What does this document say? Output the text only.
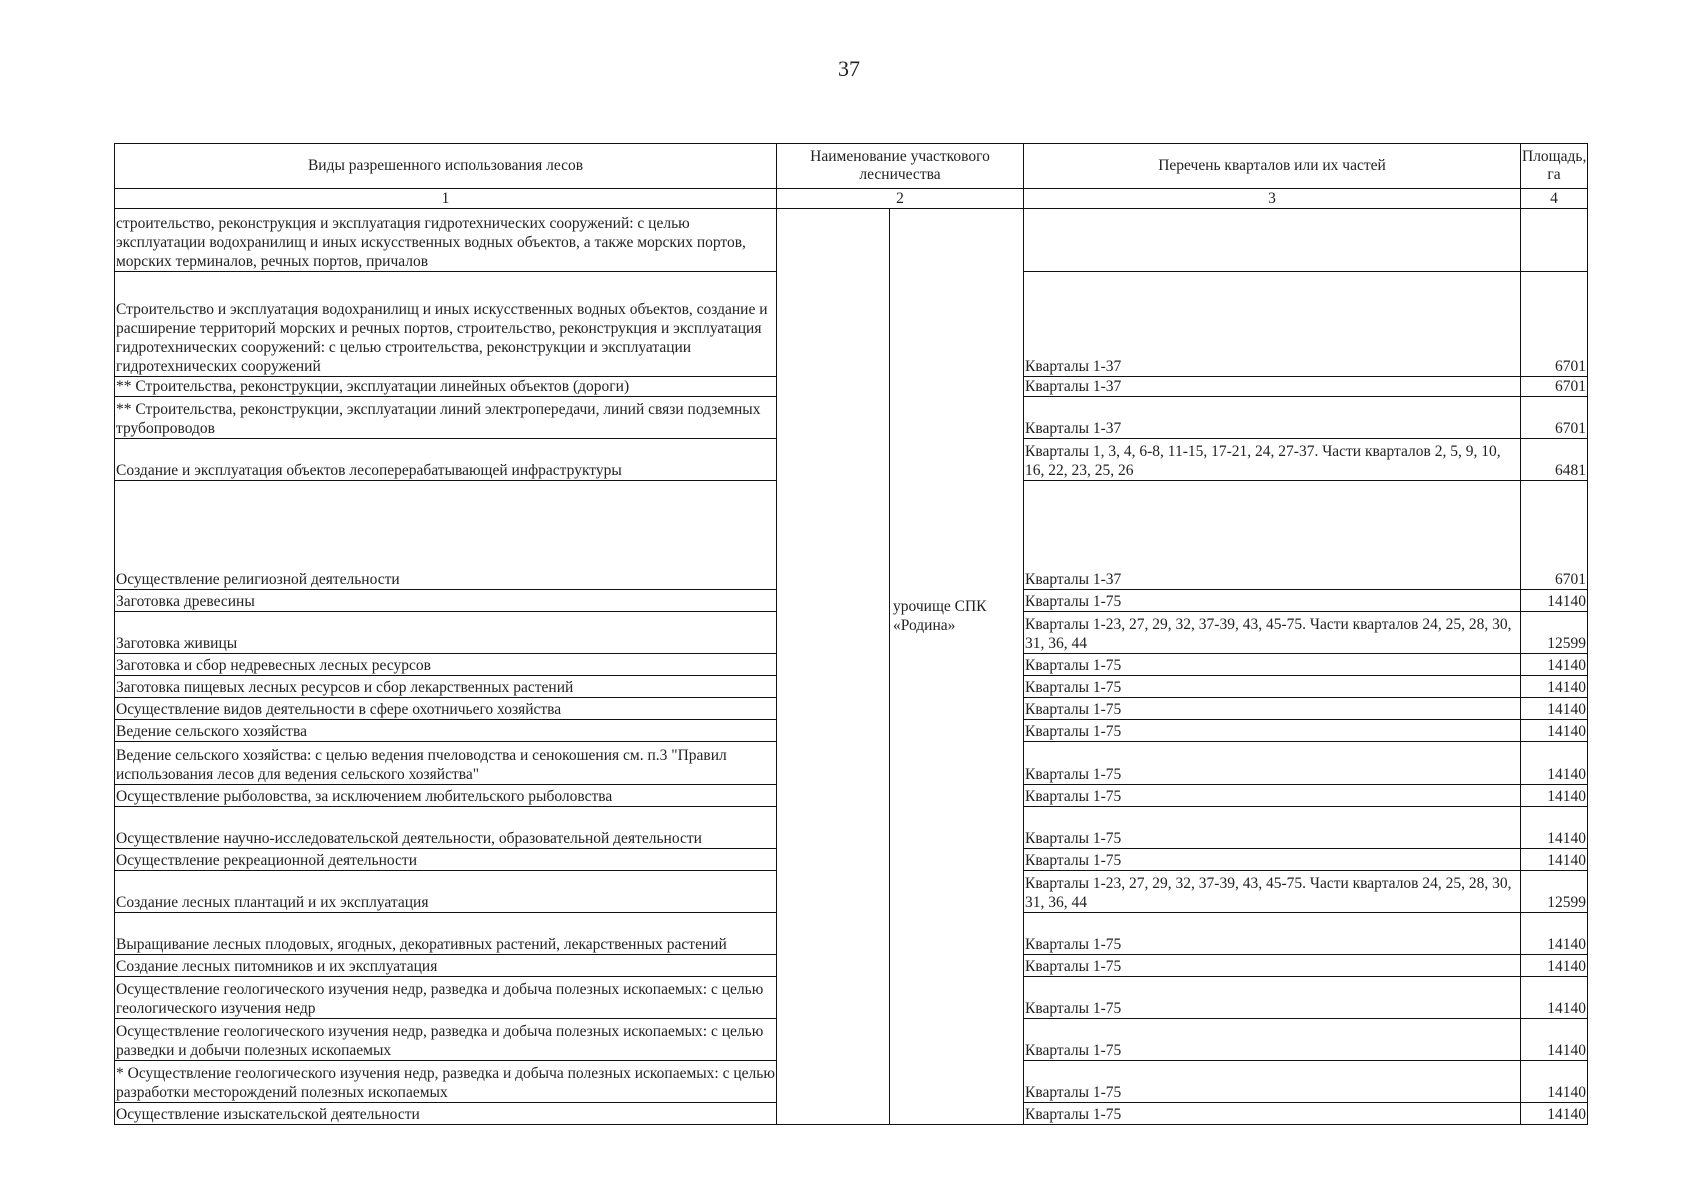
37
Виды разрешенного использования лесов	Наименование участкового лесничества		Перечень кварталов или их частей	Площадь, га
1	2		3	4
строительство, реконструкция и эксплуатация гидротехнических сооружений: с целью эксплуатации водохранилищ и иных искусственных водных объектов, а также морских портов, морских терминалов, речных портов, причалов		урочище СПК «Родина»		

Строительство и эксплуатация водохранилищ и иных искусственных водных объектов, создание и расширение территорий морских и речных портов, строительство, реконструкция и эксплуатация гидротехнических сооружений: с целью строительства, реконструкции и эксплуатации гидротехнических сооружений			Кварталы 1-37	6701
** Строительства, реконструкции, эксплуатации линейных объектов (дороги)			Кварталы 1-37	6701
** Строительства, реконструкции, эксплуатации линий электропередачи, линий связи подземных трубопроводов			Кварталы 1-37	6701
Создание и эксплуатация объектов лесоперерабатывающей инфраструктуры			Кварталы 1, 3, 4, 6-8, 11-15, 17-21, 24, 27-37. Части кварталов 2, 5, 9, 10, 16, 22, 23, 25, 26	6481
Осуществление религиозной деятельности			Кварталы 1-37	6701
Заготовка древесины			Кварталы 1-75	14140
Заготовка живицы			Кварталы 1-23, 27, 29, 32, 37-39, 43, 45-75. Части кварталов 24, 25, 28, 30, 31, 36, 44	12599
Заготовка и сбор недревесных лесных ресурсов			Кварталы 1-75	14140
Заготовка пищевых лесных ресурсов и сбор лекарственных растений			Кварталы 1-75	14140
Осуществление видов деятельности в сфере охотничьего хозяйства			Кварталы 1-75	14140
Ведение сельского хозяйства			Кварталы 1-75	14140
Ведение сельского хозяйства: с целью ведения пчеловодства и сенокошения см. п.3 "Правил использования лесов для ведения сельского хозяйства"			Кварталы 1-75	14140
Осуществление рыболовства, за исключением любительского рыболовства			Кварталы 1-75	14140
Осуществление научно-исследовательской деятельности, образовательной деятельности			Кварталы 1-75	14140
Осуществление рекреационной деятельности			Кварталы 1-75	14140
Создание лесных плантаций и их эксплуатация			Кварталы 1-23, 27, 29, 32, 37-39, 43, 45-75. Части кварталов 24, 25, 28, 30, 31, 36, 44	12599
Выращивание лесных плодовых, ягодных, декоративных растений, лекарственных растений			Кварталы 1-75	14140
Создание лесных питомников и их эксплуатация			Кварталы 1-75	14140
Осуществление геологического изучения недр, разведка и добыча полезных ископаемых: с целью геологического изучения недр			Кварталы 1-75	14140
Осуществление геологического изучения недр, разведка и добыча полезных ископаемых: с целью разведки и добычи полезных ископаемых			Кварталы 1-75	14140
* Осуществление геологического изучения недр, разведка и добыча полезных ископаемых: с целью разработки месторождений полезных ископаемых			Кварталы 1-75	14140
Осуществление изыскательской деятельности			Кварталы 1-75	14140
